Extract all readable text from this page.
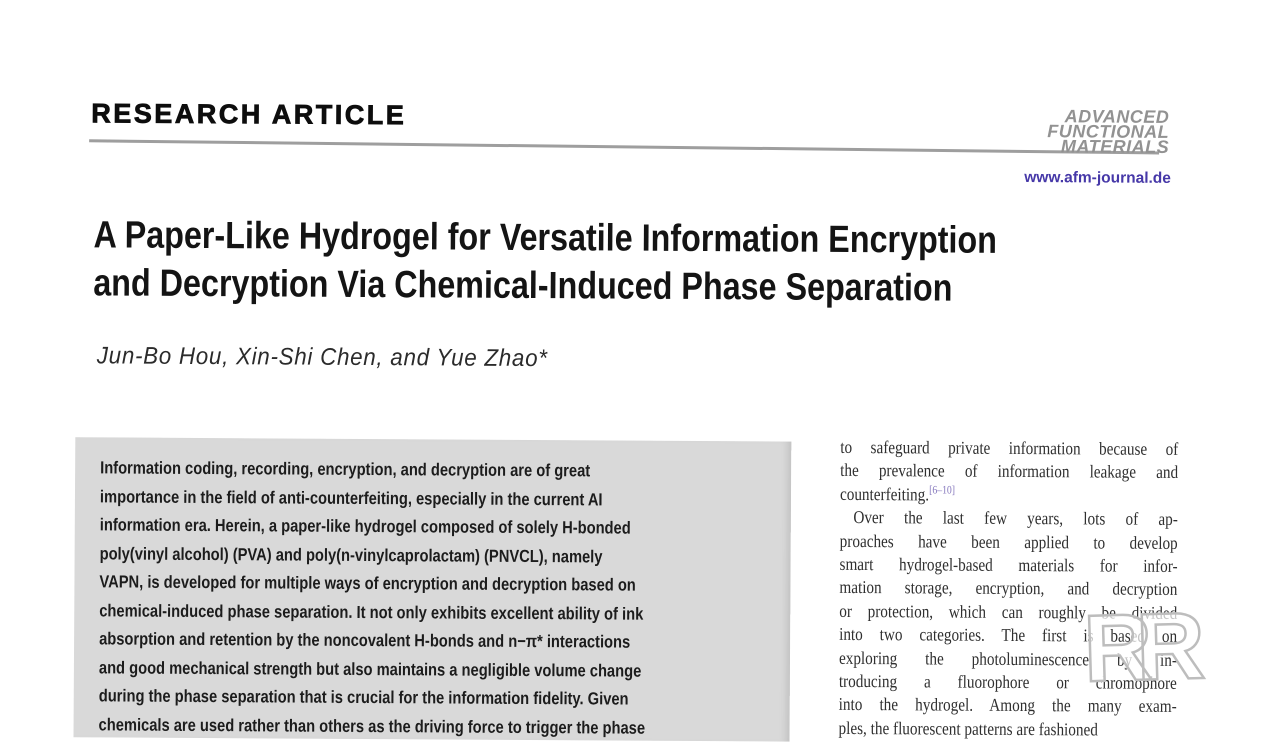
RESEARCH ARTICLE	ADVANCED
FUNCTIONAL
MATERIALS
www.afm-journal.de
A Paper-Like Hydrogel for Versatile Information Encryption
and Decryption Via Chemical-Induced Phase Separation
Jun-Bo Hou, Xin-Shi Chen, and Yue Zhao*
Information coding, recording, encryption, and decryption are of great
importance in the field of anti-counterfeiting, especially in the current AI
information era. Herein, a paper-like hydrogel composed of solely H-bonded
poly(vinyl alcohol) (PVA) and poly(n-vinylcaprolactam) (PNVCL), namely
VAPN, is developed for multiple ways of encryption and decryption based on
chemical-induced phase separation. It not only exhibits excellent ability of ink
absorption and retention by the noncovalent H-bonds and n−π* interactions
and good mechanical strength but also maintains a negligible volume change
during the phase separation that is crucial for the information fidelity. Given
chemicals are used rather than others as the driving force to trigger the phase
to safeguard private information because of
the prevalence of information leakage and
counterfeiting.[6–10]
Over the last few years, lots of ap-
proaches have been applied to develop
smart hydrogel-based materials for infor-
mation storage, encryption, and decryption
or protection, which can roughly be divided
into two categories. The first is based on
exploring the photoluminescence by in-
troducing a fluorophore or chromophore
into the hydrogel. Among the many exam-
ples, the fluorescent patterns are fashioned
RR
